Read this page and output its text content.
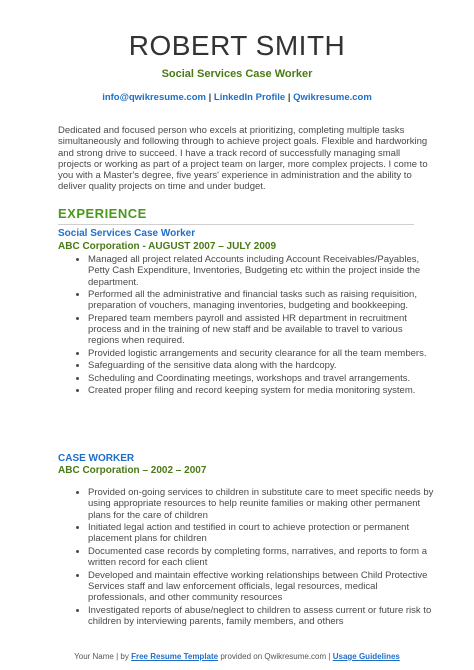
ROBERT SMITH
Social Services Case Worker
info@qwikresume.com | LinkedIn Profile | Qwikresume.com

Dedicated and focused person who excels at prioritizing, completing multiple tasks simultaneously and following through to achieve project goals. Flexible and hardworking and strong drive to succeed. I have a track record of successfully managing small projects or working as part of a project team on larger, more complex projects. I come to you with a Master's degree, five years' experience in administration and the ability to deliver quality projects on time and under budget.

EXPERIENCE
Social Services Case Worker
ABC Corporation - AUGUST 2007 – JULY 2009
• Managed all project related Accounts including Account Receivables/Payables, Petty Cash Expenditure, Inventories, Budgeting etc within the project inside the department.
• Performed all the administrative and financial tasks such as raising requisition, preparation of vouchers, managing inventories, budgeting and bookkeeping.
• Prepared team members payroll and assisted HR department in recruitment process and in the training of new staff and be available to travel to various regions when required.
• Provided logistic arrangements and security clearance for all the team members.
• Safeguarding of the sensitive data along with the hardcopy.
• Scheduling and Coordinating meetings, workshops and travel arrangements.
• Created proper filing and record keeping system for media monitoring system.
CASE WORKER
ABC Corporation – 2002 – 2007
• Provided on-going services to children in substitute care to meet specific needs by using appropriate resources to help reunite families or making other permanent plans for the care of children
• Initiated legal action and testified in court to achieve protection or permanent placement plans for children
• Documented case records by completing forms, narratives, and reports to form a written record for each client
• Developed and maintain effective working relationships between Child Protective Services staff and law enforcement officials, legal resources, medical professionals, and other community resources
• Investigated reports of abuse/neglect to children to assess current or future risk to children by interviewing parents, family members, and others
Your Name | by Free Resume Template provided on Qwikresume.com | Usage Guidelines
